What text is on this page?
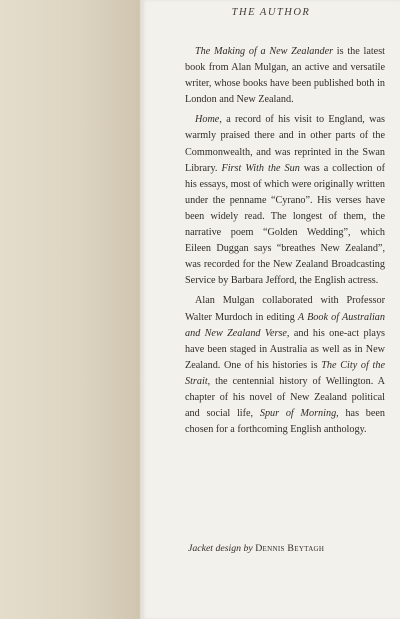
THE AUTHOR

The Making of a New Zealander is the latest book from Alan Mulgan, an active and versatile writer, whose books have been published both in London and New Zealand.

Home, a record of his visit to England, was warmly praised there and in other parts of the Commonwealth, and was reprinted in the Swan Library. First With the Sun was a collection of his essays, most of which were originally written under the penname “Cyrano”. His verses have been widely read. The longest of them, the narrative poem “Golden Wedding”, which Eileen Duggan says “breathes New Zealand”, was recorded for the New Zealand Broadcasting Service by Barbara Jefford, the English actress.

Alan Mulgan collaborated with Professor Walter Murdoch in editing A Book of Australian and New Zealand Verse, and his one-act plays have been staged in Australia as well as in New Zealand. One of his histories is The City of the Strait, the centennial history of Wellington. A chapter of his novel of New Zealand political and social life, Spur of Morning, has been chosen for a forthcoming English anthology.

Jacket design by Dennis Beytagh
